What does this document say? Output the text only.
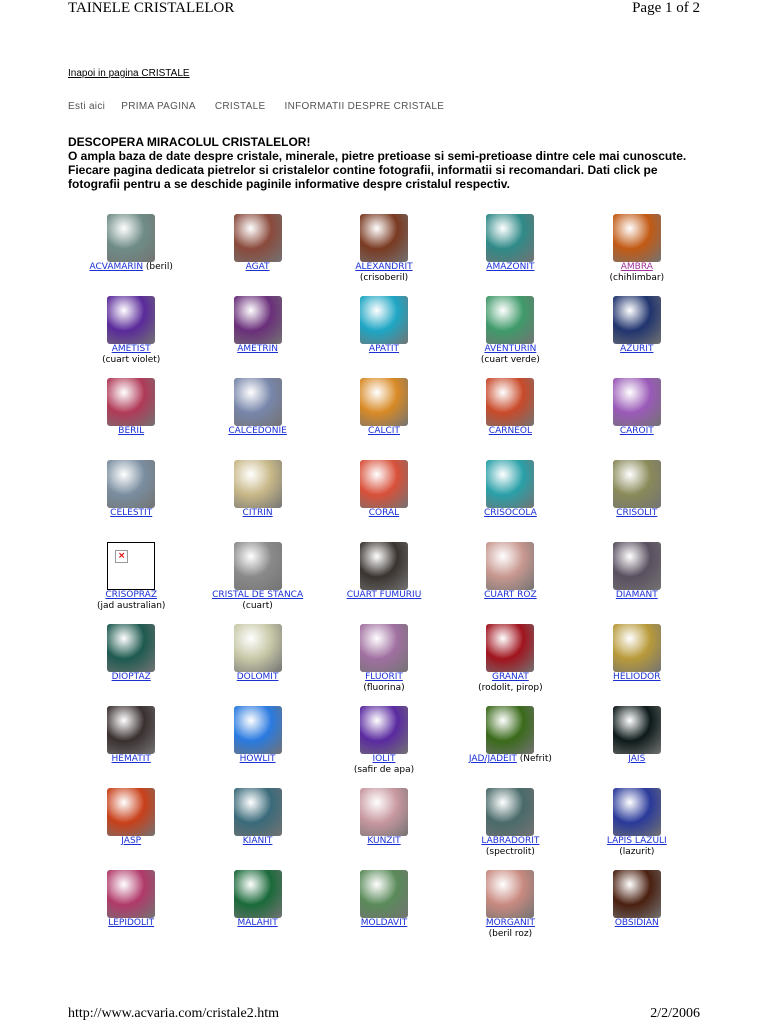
TAINELE CRISTALELOR	Page 1 of 2
Inapoi in pagina CRISTALE
Esti aici PRIMA PAGINA CRISTALE INFORMATII DESPRE CRISTALE
DESCOPERA MIRACOLUL CRISTALELOR!
O ampla baza de date despre cristale, minerale, pietre pretioase si semi-pretioase dintre cele mai cunoscute. Fiecare pagina dedicata pietrelor si cristalelor contine fotografii, informatii si recomandari. Dati click pe fotografii pentru a se deschide paginile informative despre cristalul respectiv.
ACVAMARIN (beril)	AGAT	ALEXANDRIT
(crisoberil)
AMAZONIT	AMBRA
(chihlimbar)
AMETIST
(cuart violet)
AMETRIN	APATIT	AVENTURIN
(cuart verde)
AZURIT
BERIL	CALCEDONIE	CALCIT	CARNEOL	CAROIT
CELESTIT	CITRIN	CORAL	CRISOCOLA	CRISOLIT
×
CRISOPRAZ
(jad australian)
CRISTAL DE STANCA
(cuart)
CUART FUMURIU	CUART ROZ	DIAMANT
DIOPTAZ	DOLOMIT	FLUORIT
(fluorina)
GRANAT
(rodolit, pirop)
HELIODOR
HEMATIT	HOWLIT	IOLIT
(safir de apa)
JAD/JADEIT (Nefrit)	JAIS
JASP	KIANIT	KUNZIT	LABRADORIT
(spectrolit)
LAPIS LAZULI
(lazurit)
LEPIDOLIT	MALAHIT	MOLDAVIT	MORGANIT
(beril roz)
OBSIDIAN
http://www.acvaria.com/cristale2.htm	2/2/2006
